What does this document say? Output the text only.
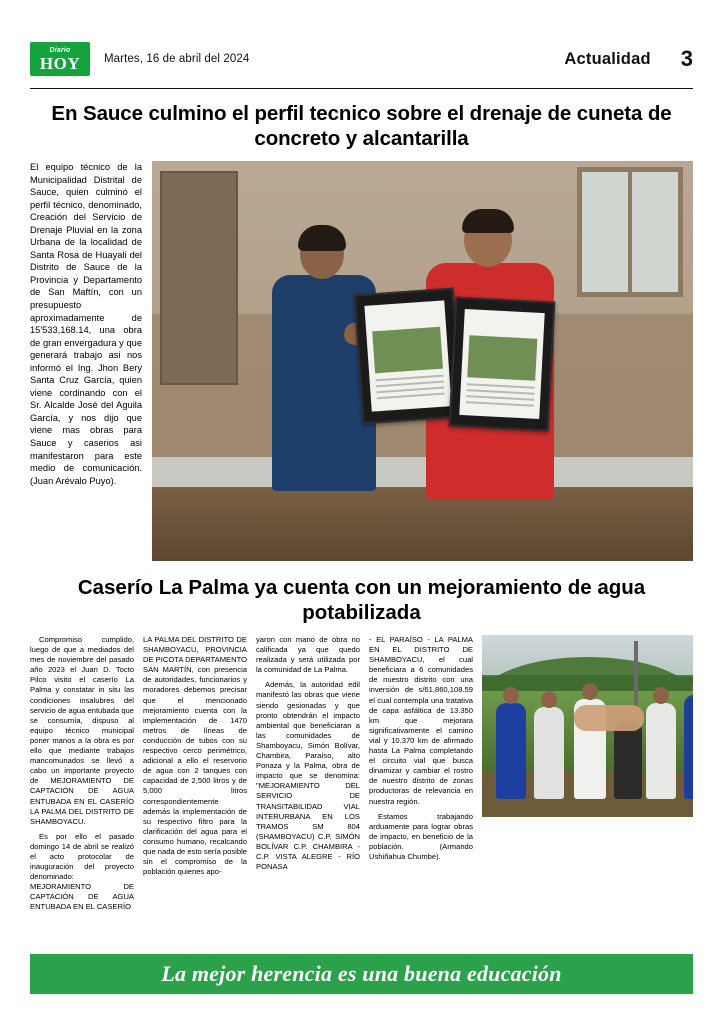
Diario
HOY Martes, 16 de abril del 2024	Actualidad 3
En Sauce culmino el perfil tecnico sobre el drenaje de cuneta de concreto y alcantarilla
El equipo técnico de la Municipalidad Distrital de Sauce, quien culminó el perfil técnico, denominado, Creación del Servicio de Drenaje Pluvial en la zona Urbana de la localidad de Santa Rosa de Huayali del Distrito de Sauce de la Provincia y Departamento de San Maftín, con un presupuesto aproximadamente de 15'533,168.14, una obra de gran envergadura y que generará trabajo asi nos informó el Ing. Jhon Bery Santa Cruz García, quien viene cordinando con el Sr. Alcalde José del Aguila García, y nos dijo que viene mas obras para Sauce y caserios asi manifestaron para este medio de comunicación. (Juan Arévalo Puyo).
Caserío La Palma ya cuenta con un mejoramiento de agua potabilizada

Compromiso cumplido, luego de que a mediados del mes de noviembre del pasado año 2023 el Juan D. Tocto Pilco visito el caserío La Palma y constatar in situ las condiciones insalubres del servicio de agua entubada que se consumía, dispuso al equipo técnico municipal poner manos a la obra es por ello que mediante trabajos mancomunados se llevó a cabo un importante proyecto de MEJORAMIENTO DE CAPTACIÓN DE AGUA ENTUBADA EN EL CASERÍO LA PALMA DEL DISTRITO DE SHAMBOYACU.

Es por ello el pasado domingo 14 de abril se realizó el acto protocolar de inauguración del proyecto denominado: MEJORAMIENTO DE CAPTACIÓN DE AGUA ENTUBADA EN EL CASERÍO

LA PALMA DEL DISTRITO DE SHAMBOYACU, PROVINCIA DE PICOTA DEPARTAMENTO SAN MARTÍN, con presencia de autoridades, funcionarios y moradores debemos precisar que el mencionado mejoramiento cuenta con la implementación de 1470 metros de líneas de conducción de tubos con su respectivo cerco perimétrico, adicional a ello el reservorio de agua con 2 tanques con capacidad de 2,500 litros y de 5,000 litros correspondientemente además la implementación de su respectivo filtro para la clarificación del agua para el consumo humano, recalcando que nada de esto sería posible sin el compromiso de la población quienes apo-

yaron con mano de obra no calificada ya que quedo realizada y será utilizada por la comunidad de La Palma.

Además, la autoridad edil manifestó las obras que viene siendo gesionadas y que pronto obtendrán el impacto ambiental que beneficiaran a las comunidades de Shamboyacu, Simón Bolívar, Chambira, Paraíso, alto Ponaza y la Palma, obra de impacto que se denomina: "MEJORAMIENTO DEL SERVICIO DE TRANSITABILIDAD VIAL INTERURBANA EN LOS TRAMOS SM 804 (SHAMBOYACU) C.P. SIMÓN BOLÍVAR C.P. CHAMBIRA - C.P. VISTA ALEGRE - RÍO PONASA

- EL PARAÍSO - LA PALMA EN EL DISTRITO DE SHAMBOYACU, el cual beneficiara a 6 comunidades de nuestro distrito con una inversión de s/61,860,108.59 el cual contempla una tratativa de capa asfáltica de 13.350 km que mejorara significativamente el camino vial y 10.370 km de afirmado hasta La Palma completando el circuito vial que busca dinamizar y cambiar el rostro de nuestro distrito de zonas productoras de relevancia en nuestra región.

Estamos trabajando arduamente para lograr obras de impacto, en beneficio de la población. (Armando Ushiñahua Chumbe).

La mejor herencia es una buena educación
